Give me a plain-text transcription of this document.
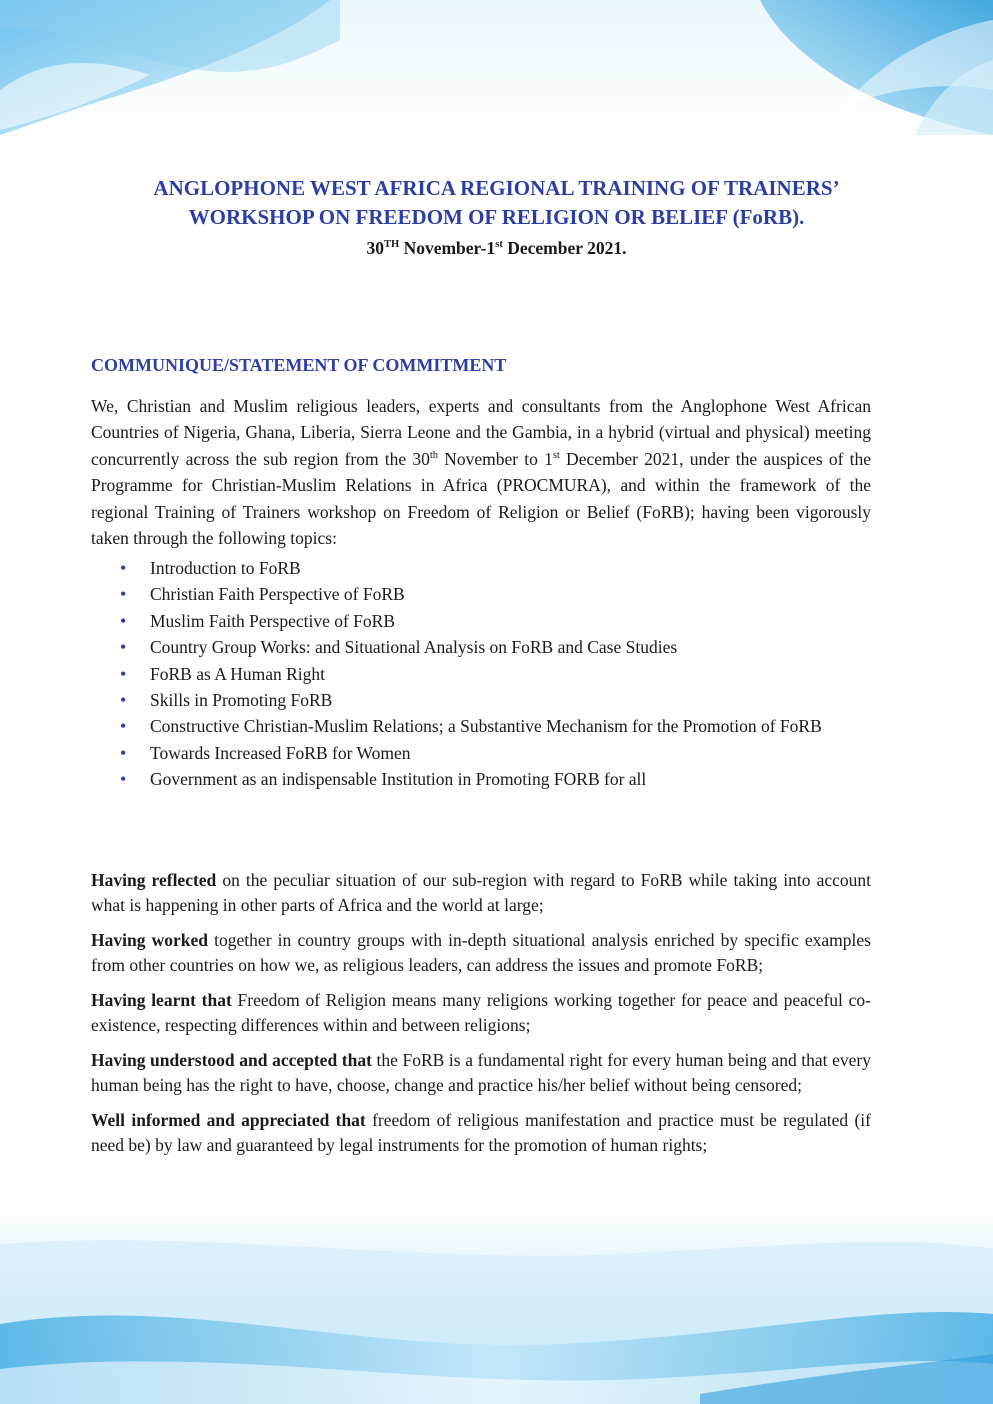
ANGLOPHONE WEST AFRICA REGIONAL TRAINING OF TRAINERS’
WORKSHOP ON FREEDOM OF RELIGION OR BELIEF (FoRB).
30TH November-1st December 2021.
COMMUNIQUE/STATEMENT OF COMMITMENT

We, Christian and Muslim religious leaders, experts and consultants from the Anglophone West African Countries of Nigeria, Ghana, Liberia, Sierra Leone and the Gambia, in a hybrid (virtual and physical) meeting concurrently across the sub region from the 30th November to 1st December 2021, under the auspices of the Programme for Christian-Muslim Relations in Africa (PROCMURA), and within the framework of the regional Training of Trainers workshop on Freedom of Religion or Belief (FoRB); having been vigorously taken through the following topics:

• Introduction to FoRB
• Christian Faith Perspective of FoRB
• Muslim Faith Perspective of FoRB
• Country Group Works: and Situational Analysis on FoRB and Case Studies
• FoRB as A Human Right
• Skills in Promoting FoRB
• Constructive Christian-Muslim Relations; a Substantive Mechanism for the Promotion of FoRB
• Towards Increased FoRB for Women
• Government as an indispensable Institution in Promoting FORB for all

Having reflected on the peculiar situation of our sub-region with regard to FoRB while taking into account what is happening in other parts of Africa and the world at large;

Having worked together in country groups with in-depth situational analysis enriched by specific examples from other countries on how we, as religious leaders, can address the issues and promote FoRB;

Having learnt that Freedom of Religion means many religions working together for peace and peaceful co-existence, respecting differences within and between religions;

Having understood and accepted that the FoRB is a fundamental right for every human being and that every human being has the right to have, choose, change and practice his/her belief without being censored;

Well informed and appreciated that freedom of religious manifestation and practice must be regulated (if need be) by law and guaranteed by legal instruments for the promotion of human rights;
